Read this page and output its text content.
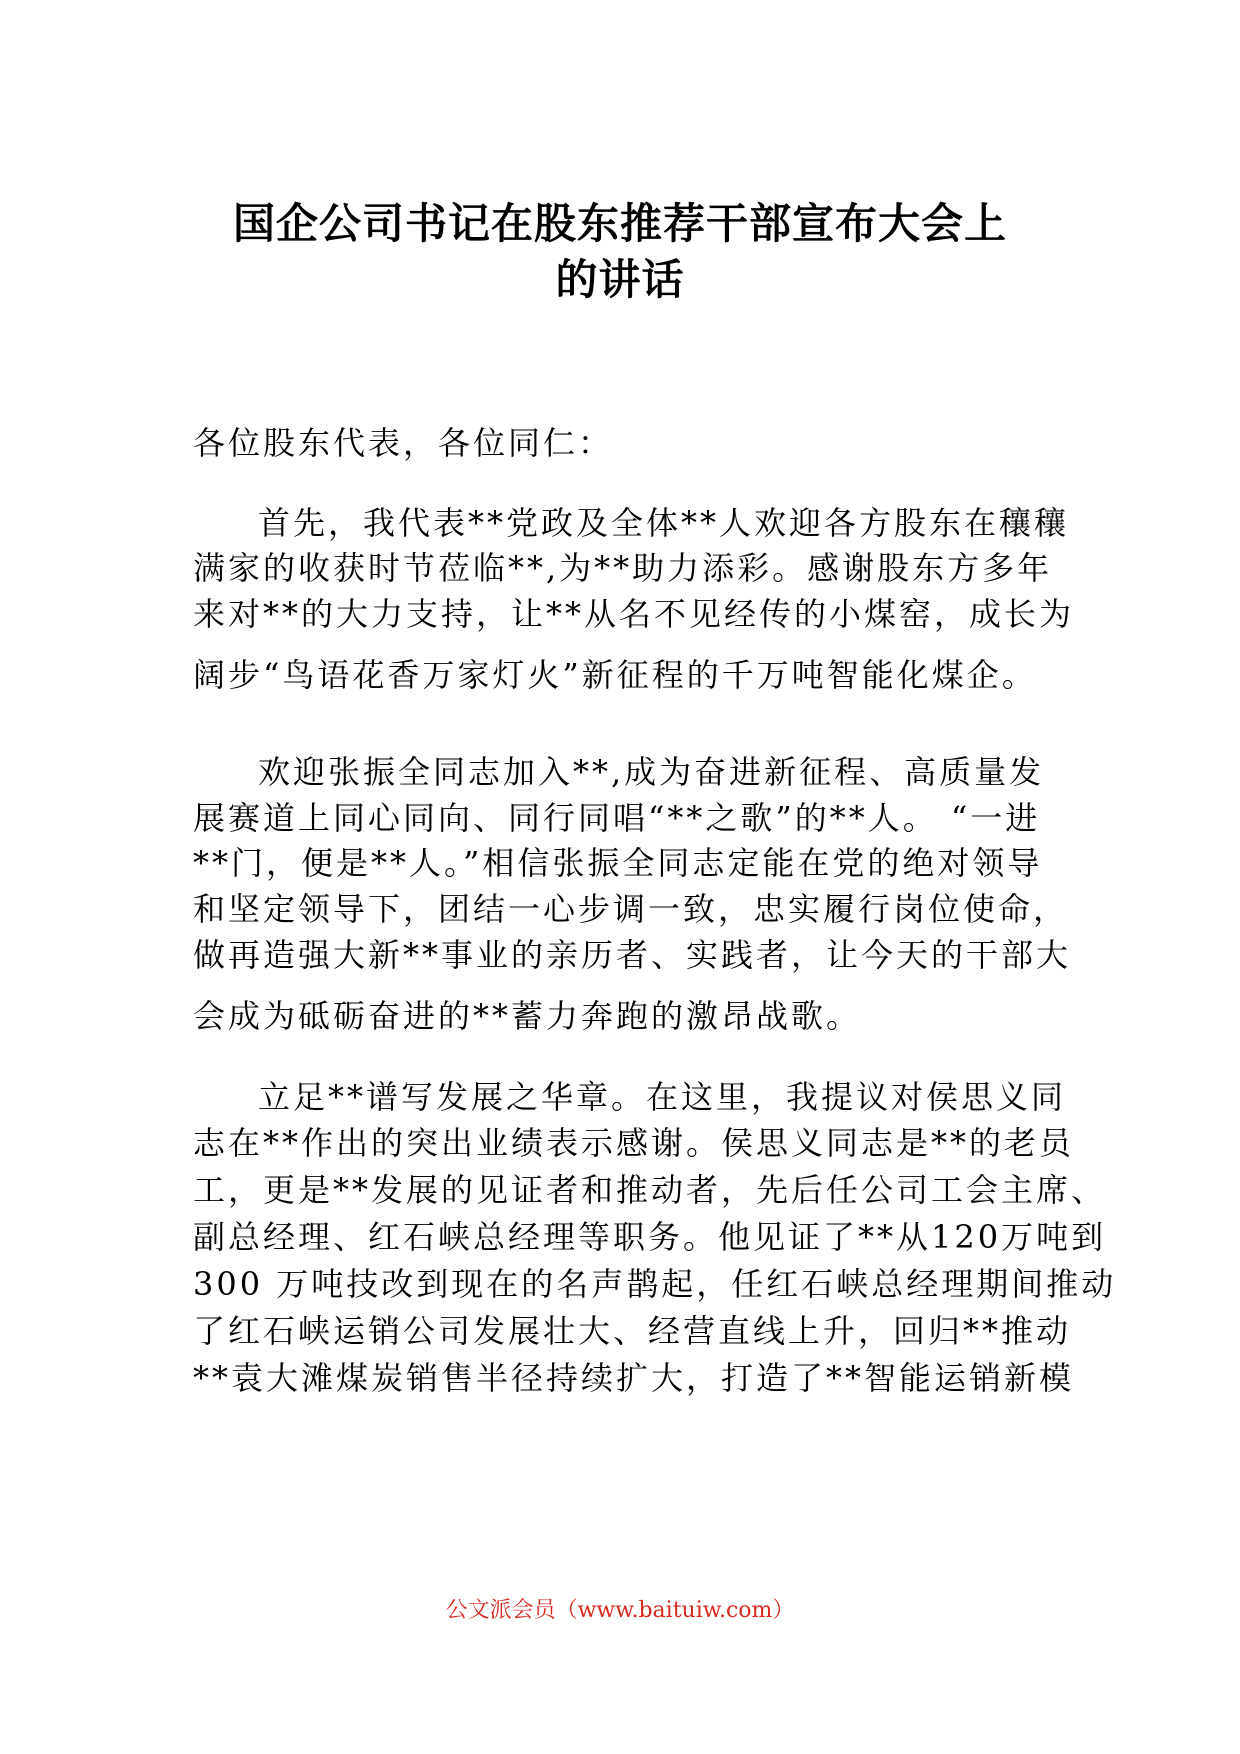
国企公司书记在股东推荐干部宣布大会上
的讲话
各位股东代表，各位同仁：
首先，我代表**党政及全体**人欢迎各方股东在穰穰
满家的收获时节莅临**,为**助力添彩。感谢股东方多年
来对**的大力支持，让**从名不见经传的小煤窑，成长为
阔步“鸟语花香万家灯火”新征程的千万吨智能化煤企。
欢迎张振全同志加入**,成为奋进新征程、高质量发
展赛道上同心同向、同行同唱“**之歌”的**人。 “一进
**门，便是**人。”相信张振全同志定能在党的绝对领导
和坚定领导下，团结一心步调一致，忠实履行岗位使命，
做再造强大新**事业的亲历者、实践者，让今天的干部大
会成为砥砺奋进的**蓄力奔跑的激昂战歌。
立足**谱写发展之华章。在这里，我提议对侯思义同
志在**作出的突出业绩表示感谢。侯思义同志是**的老员
工，更是**发展的见证者和推动者，先后任公司工会主席、
副总经理、红石峡总经理等职务。他见证了**从120万吨到
300 万吨技改到现在的名声鹊起，任红石峡总经理期间推动
了红石峡运销公司发展壮大、经营直线上升，回归**推动
**袁大滩煤炭销售半径持续扩大，打造了**智能运销新模
公文派会员（www.baituiw.com）
